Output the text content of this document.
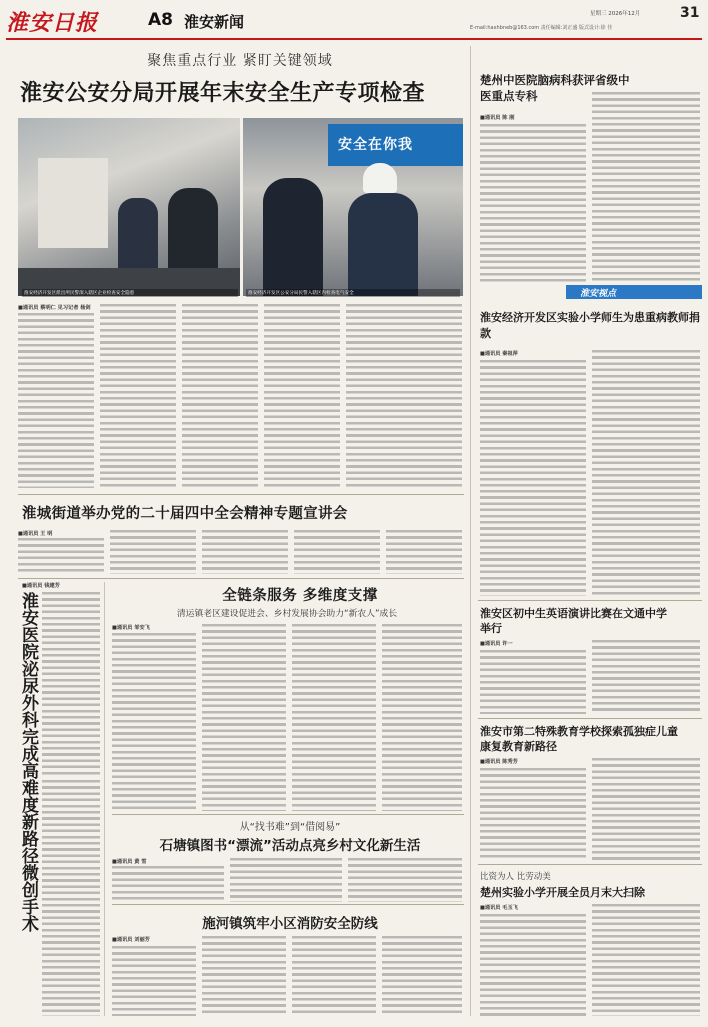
淮安日报	A8 淮安新闻	星期三 2026年12月	31
E-mail:haxhbneb@163.com 责任编辑:刘正盛 版式设计:徐 佳
聚焦重点行业 紧盯关键领域
淮安公安分局开展年末安全生产专项检查
安全在你我
淮安经济开发区派出所民警深入辖区企业检查安全隐患	淮安经济开发区公安分局民警入辖区内检查电气安全
■通讯员 蔡明仁 见习记者 杨剑
楚州中医院脑病科获评省级中医重点专科
■通讯员 陈 刚
淮安视点
淮安经济开发区实验小学师生为患重病教师捐款
■通讯员 秦祖萍
淮城街道举办党的二十届四中全会精神专题宣讲会
■通讯员 王 明
■通讯员 钱建芳
淮安医院泌尿外科完成高难度新路径微创手术	全链条服务 多维度支撑
清运镇老区建设促进会、乡村发展协会助力“新农人”成长
■通讯员 邹安飞
从“找书难”到“借阅易”
石塘镇图书“漂流”活动点亮乡村文化新生活
■通讯员 黄 雪
施河镇筑牢小区消防安全防线
■通讯员 刘丽芳
淮安区初中生英语演讲比赛在文通中学举行
■通讯员 许一
淮安市第二特殊教育学校探索孤独症儿童康复教育新路径
■通讯员 陈秀芳
比资为人 比劳动美
楚州实验小学开展全员月末大扫除
■通讯员 毛玉飞
